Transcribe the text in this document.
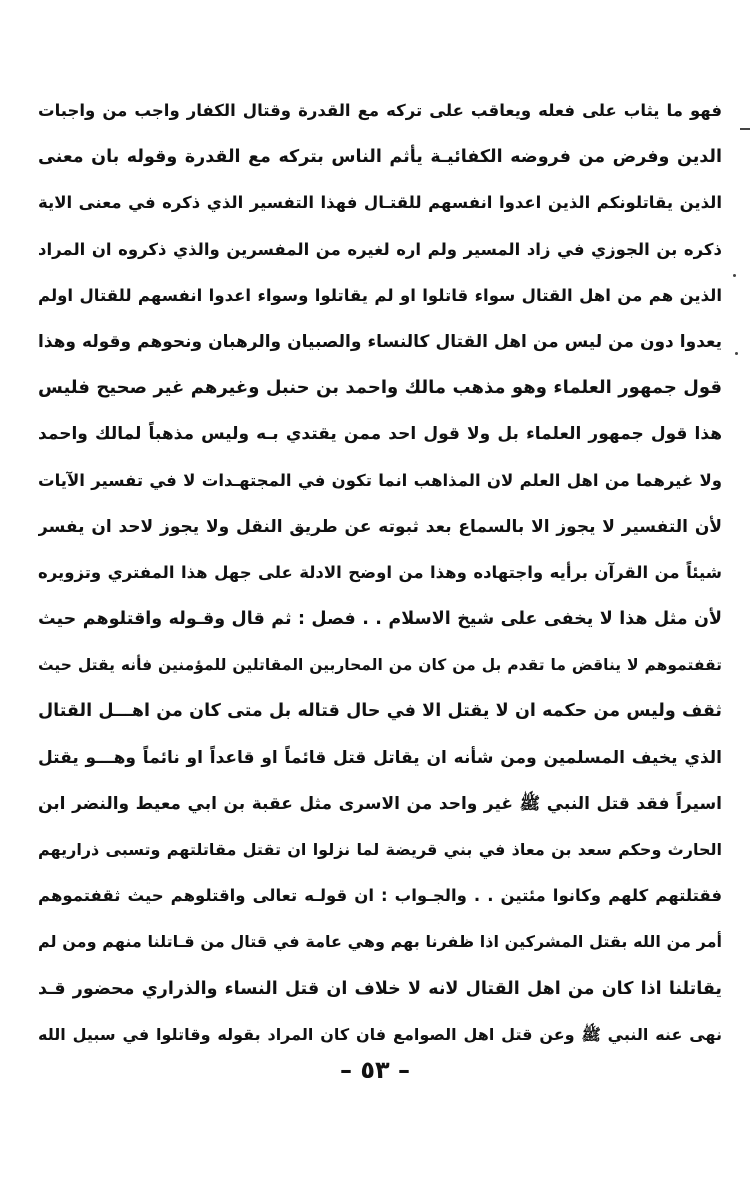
فهو ما يثاب على فعله ويعاقب على تركه مع القدرة وقتال الكفار واجب من واجبات
الدين وفرض من فروضه الكفائيـة يأثم الناس بتركه مع القدرة وقوله بان معنى
الذين يقاتلونكم الذين اعدوا انفسهم للقتـال فهذا التفسير الذي ذكره في معنى الاية
ذكره بن الجوزي في زاد المسير ولم اره لغيره من المفسرين والذي ذكروه ان المراد
الذين هم من اهل القتال سواء قاتلوا او لم يقاتلوا وسواء اعدوا انفسهم للقتال اولم
يعدوا دون من ليس من اهل القتال كالنساء والصبيان والرهبان ونحوهم وقوله وهذا
قول جمهور العلماء وهو مذهب مالك واحمد بن حنبل وغيرهم غير صحيح فليس
هذا قول جمهور العلماء بل ولا قول احد ممن يقتدي بـه وليس مذهباً لمالك واحمد
ولا غيرهما من اهل العلم لان المذاهب انما تكون في المجتهـدات لا في تفسير الآيات
لأن التفسير لا يجوز الا بالسماع بعد ثبوته عن طريق النقل ولا يجوز لاحد ان يفسر
شيئاً من القرآن برأيه واجتهاده وهذا من اوضح الادلة على جهل هذا المفتري وتزويره
لأن مثل هذا لا يخفى على شيخ الاسلام . . فصل : ثم قال وقـوله واقتلوهم حيث
تقفتموهم لا يناقض ما تقدم بل من كان من المحاربين المقاتلين للمؤمنين فأنه يقتل حيث
ثقف وليس من حكمه ان لا يقتل الا في حال قتاله بل متى كان من اهـــل القتال
الذي يخيف المسلمين ومن شأنه ان يقاتل قتل قائماً او قاعداً او نائماً وهـــو يقتل
اسيراً فقد قتل النبي ﷺ غير واحد من الاسرى مثل عقبة بن ابي معيط والنضر ابن
الحارث وحكم سعد بن معاذ في بني قريضة لما نزلوا ان تقتل مقاتلتهم وتسبى ذراريهم
فقتلتهم كلهم وكانوا مئتين . . والجـواب : ان قولـه تعالى واقتلوهم حيث ثقفتموهم
أمر من الله بقتل المشركين اذا ظفرنا بهم وهي عامة في قتال من قـاتلنا منهم ومن لم
يقاتلنا اذا كان من اهل القتال لانه لا خلاف ان قتل النساء والذراري محضور قـد
نهى عنه النبي ﷺ وعن قتل اهل الصوامع فان كان المراد بقوله وقاتلوا في سبيل الله
– ٥٣ –
